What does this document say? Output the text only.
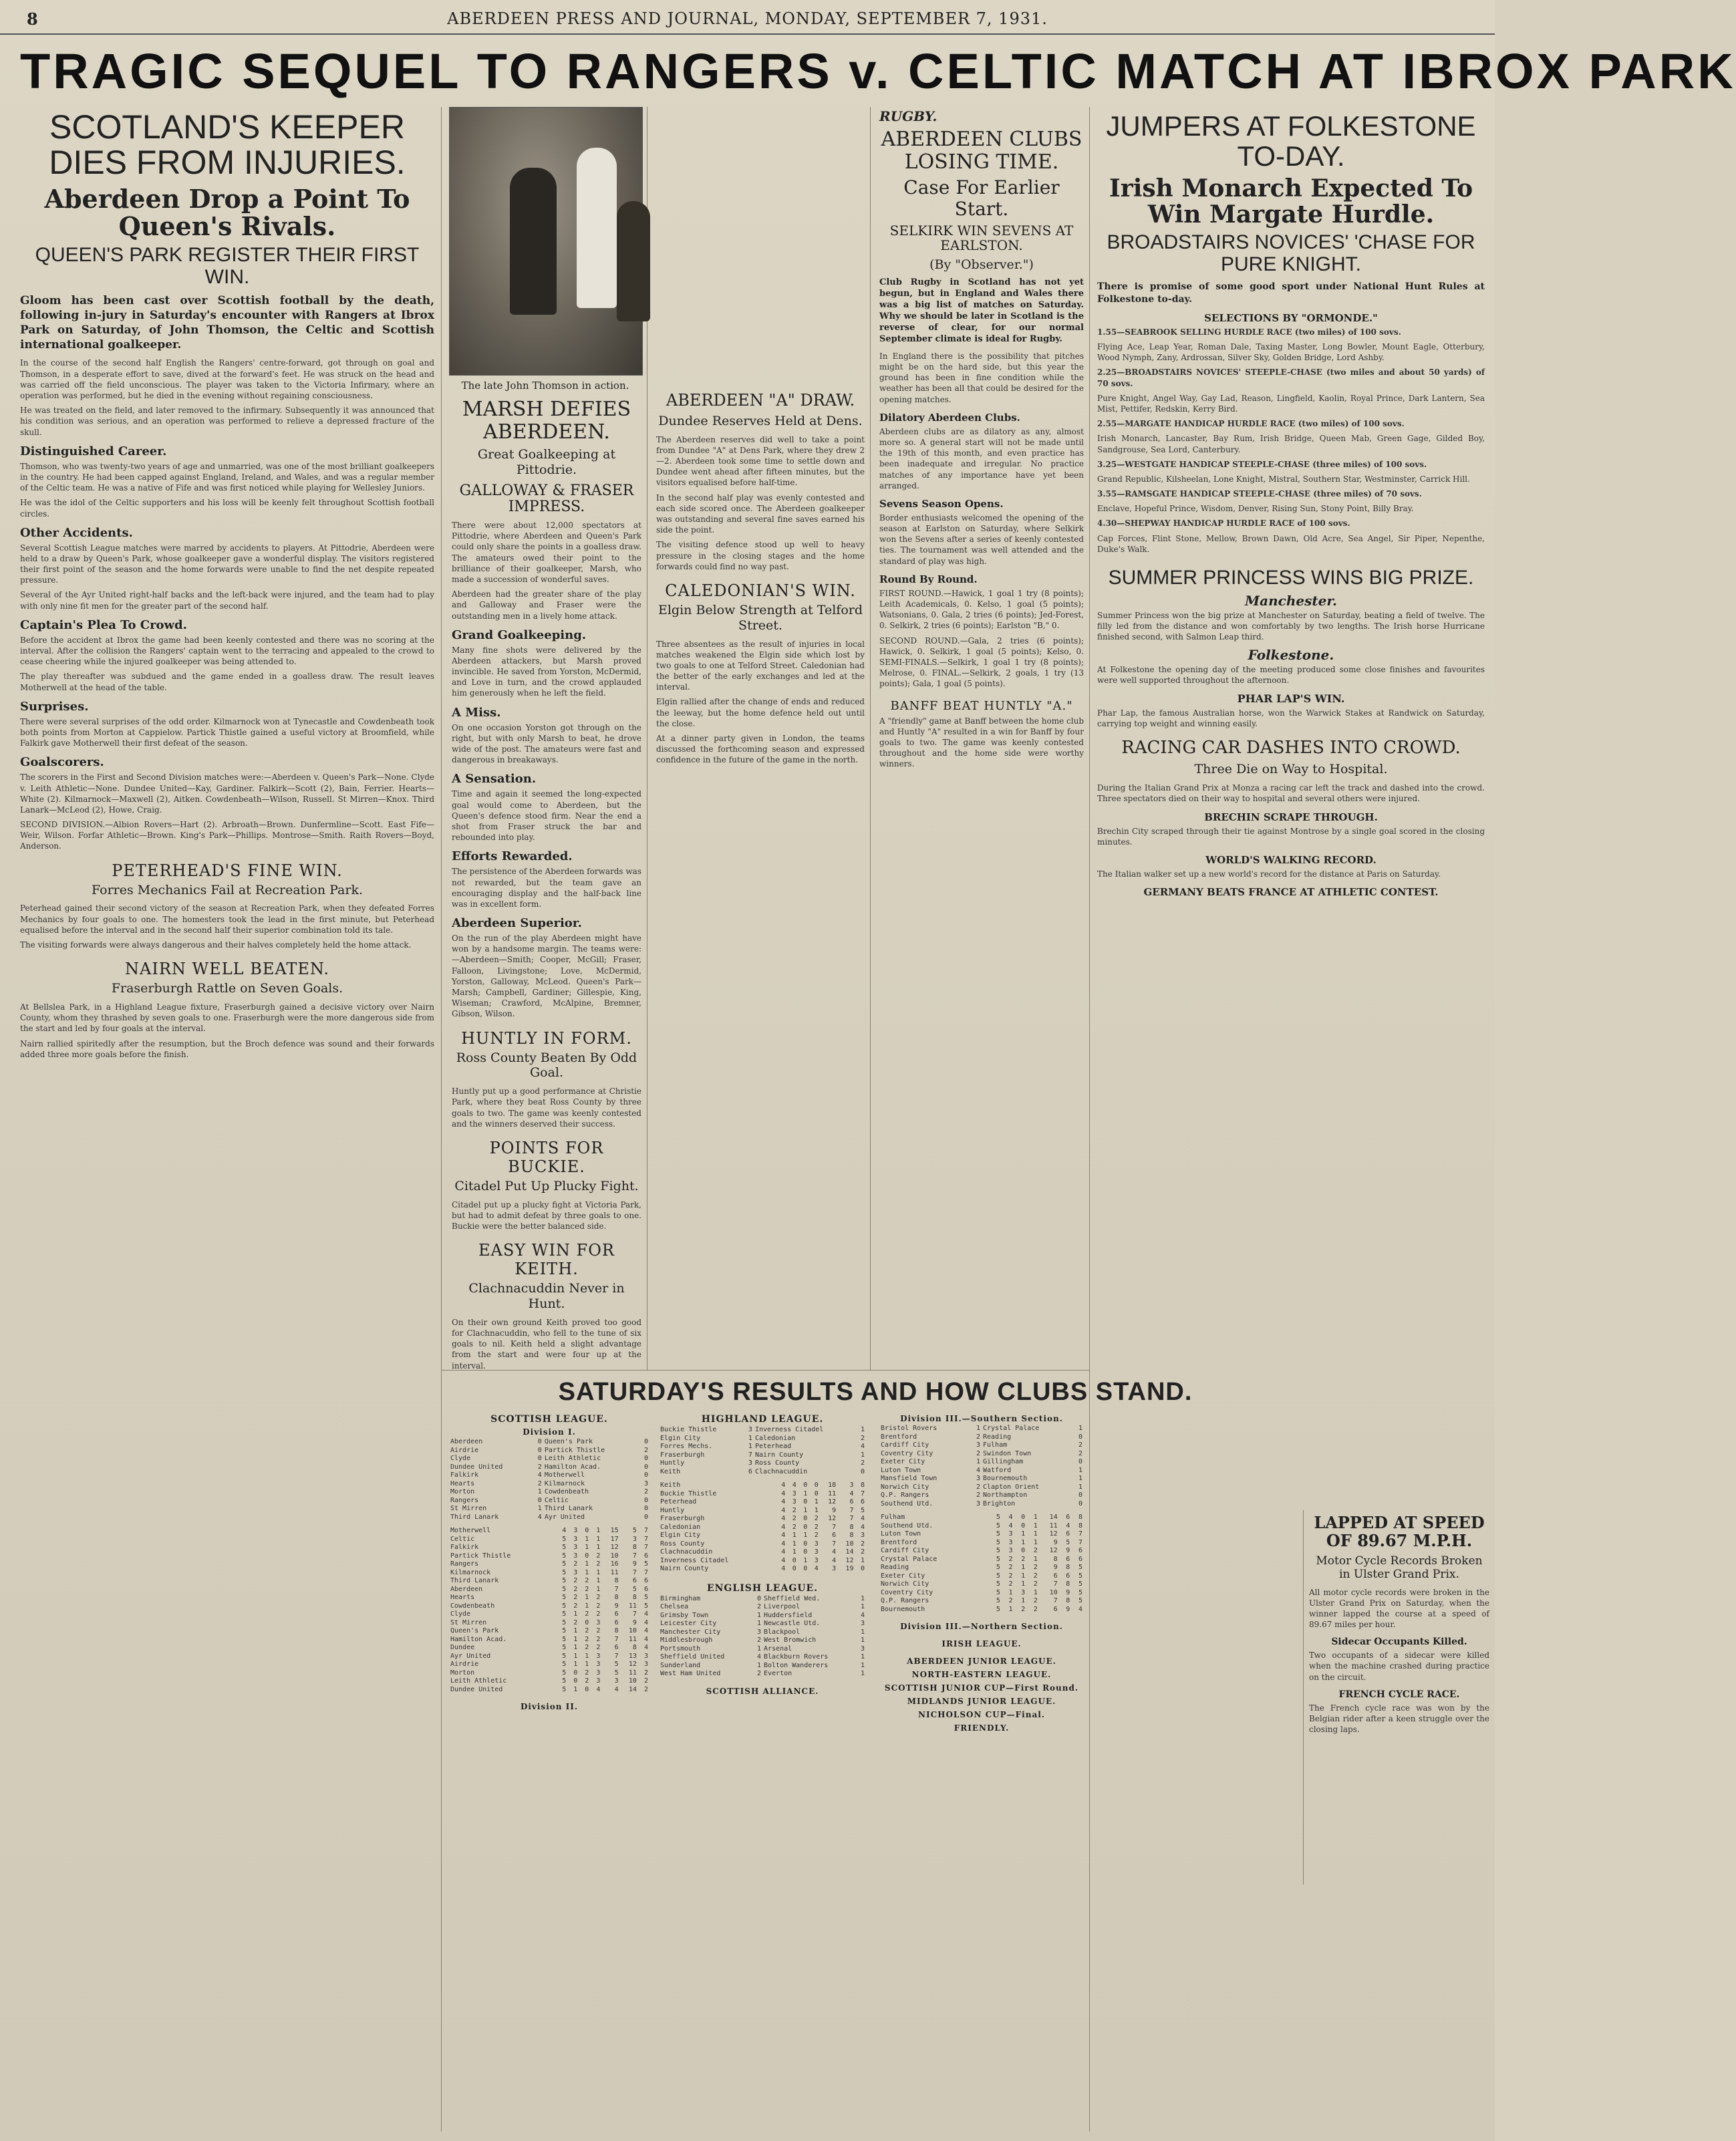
8	ABERDEEN PRESS AND JOURNAL, MONDAY, SEPTEMBER 7, 1931.
TRAGIC SEQUEL TO RANGERS v. CELTIC MATCH AT IBROX PARK
SCOTLAND'S KEEPER DIES FROM INJURIES.
Aberdeen Drop a Point To Queen's Rivals.
QUEEN'S PARK REGISTER THEIR FIRST WIN.
Gloom has been cast over Scottish football by the death, following in-jury in Saturday's encounter with Rangers at Ibrox Park on Saturday, of John Thomson, the Celtic and Scottish international goalkeeper.
In the course of the second half English the Rangers' centre-forward, got through on goal and Thomson, in a desperate effort to save, dived at the forward's feet. He was struck on the head and was carried off the field unconscious. The player was taken to the Victoria Infirmary, where an operation was performed, but he died in the evening without regaining consciousness.
He was treated on the field, and later removed to the infirmary. Subsequently it was announced that his condition was serious, and an operation was performed to relieve a depressed fracture of the skull.
Distinguished Career.
Thomson, who was twenty-two years of age and unmarried, was one of the most brilliant goalkeepers in the country. He had been capped against England, Ireland, and Wales, and was a regular member of the Celtic team. He was a native of Fife and was first noticed while playing for Wellesley Juniors.
He was the idol of the Celtic supporters and his loss will be keenly felt throughout Scottish football circles.
Other Accidents.
Several Scottish League matches were marred by accidents to players. At Pittodrie, Aberdeen were held to a draw by Queen's Park, whose goalkeeper gave a wonderful display. The visitors registered their first point of the season and the home forwards were unable to find the net despite repeated pressure.
Several of the Ayr United right-half backs and the left-back were injured, and the team had to play with only nine fit men for the greater part of the second half.
Captain's Plea To Crowd.
Before the accident at Ibrox the game had been keenly contested and there was no scoring at the interval. After the collision the Rangers' captain went to the terracing and appealed to the crowd to cease cheering while the injured goalkeeper was being attended to.
The play thereafter was subdued and the game ended in a goalless draw. The result leaves Motherwell at the head of the table.
Surprises.
There were several surprises of the odd order. Kilmarnock won at Tynecastle and Cowdenbeath took both points from Morton at Cappielow. Partick Thistle gained a useful victory at Broomfield, while Falkirk gave Motherwell their first defeat of the season.
Goalscorers.
The scorers in the First and Second Division matches were:—Aberdeen v. Queen's Park—None. Clyde v. Leith Athletic—None. Dundee United—Kay, Gardiner. Falkirk—Scott (2), Bain, Ferrier. Hearts—White (2). Kilmarnock—Maxwell (2), Aitken. Cowdenbeath—Wilson, Russell. St Mirren—Knox. Third Lanark—McLeod (2), Howe, Craig.
SECOND DIVISION.—Albion Rovers—Hart (2). Arbroath—Brown. Dunfermline—Scott. East Fife—Weir, Wilson. Forfar Athletic—Brown. King's Park—Phillips. Montrose—Smith. Raith Rovers—Boyd, Anderson.
PETERHEAD'S FINE WIN.
Forres Mechanics Fail at Recreation Park.
Peterhead gained their second victory of the season at Recreation Park, when they defeated Forres Mechanics by four goals to one. The homesters took the lead in the first minute, but Peterhead equalised before the interval and in the second half their superior combination told its tale.
The visiting forwards were always dangerous and their halves completely held the home attack.
NAIRN WELL BEATEN.
Fraserburgh Rattle on Seven Goals.
At Bellslea Park, in a Highland League fixture, Fraserburgh gained a decisive victory over Nairn County, whom they thrashed by seven goals to one. Fraserburgh were the more dangerous side from the start and led by four goals at the interval.
Nairn rallied spiritedly after the resumption, but the Broch defence was sound and their forwards added three more goals before the finish.
The late John Thomson in action.
MARSH DEFIES ABERDEEN.
Great Goalkeeping at Pittodrie.
GALLOWAY & FRASER IMPRESS.
There were about 12,000 spectators at Pittodrie, where Aberdeen and Queen's Park could only share the points in a goalless draw. The amateurs owed their point to the brilliance of their goalkeeper, Marsh, who made a succession of wonderful saves.
Aberdeen had the greater share of the play and Galloway and Fraser were the outstanding men in a lively home attack.
Grand Goalkeeping.
Many fine shots were delivered by the Aberdeen attackers, but Marsh proved invincible. He saved from Yorston, McDermid, and Love in turn, and the crowd applauded him generously when he left the field.
A Miss.
On one occasion Yorston got through on the right, but with only Marsh to beat, he drove wide of the post. The amateurs were fast and dangerous in breakaways.
A Sensation.
Time and again it seemed the long-expected goal would come to Aberdeen, but the Queen's defence stood firm. Near the end a shot from Fraser struck the bar and rebounded into play.
Efforts Rewarded.
The persistence of the Aberdeen forwards was not rewarded, but the team gave an encouraging display and the half-back line was in excellent form.
Aberdeen Superior.
On the run of the play Aberdeen might have won by a handsome margin. The teams were:—Aberdeen—Smith; Cooper, McGill; Fraser, Falloon, Livingstone; Love, McDermid, Yorston, Galloway, McLeod. Queen's Park—Marsh; Campbell, Gardiner; Gillespie, King, Wiseman; Crawford, McAlpine, Bremner, Gibson, Wilson.
HUNTLY IN FORM.
Ross County Beaten By Odd Goal.
Huntly put up a good performance at Christie Park, where they beat Ross County by three goals to two. The game was keenly contested and the winners deserved their success.
POINTS FOR BUCKIE.
Citadel Put Up Plucky Fight.
Citadel put up a plucky fight at Victoria Park, but had to admit defeat by three goals to one. Buckie were the better balanced side.
EASY WIN FOR KEITH.
Clachnacuddin Never in Hunt.
On their own ground Keith proved too good for Clachnacuddin, who fell to the tune of six goals to nil. Keith held a slight advantage from the start and were four up at the interval.
ABERDEEN "A" DRAW.
Dundee Reserves Held at Dens.
The Aberdeen reserves did well to take a point from Dundee "A" at Dens Park, where they drew 2—2. Aberdeen took some time to settle down and Dundee went ahead after fifteen minutes, but the visitors equalised before half-time.
In the second half play was evenly contested and each side scored once. The Aberdeen goalkeeper was outstanding and several fine saves earned his side the point.
The visiting defence stood up well to heavy pressure in the closing stages and the home forwards could find no way past.
CALEDONIAN'S WIN.
Elgin Below Strength at Telford Street.
Three absentees as the result of injuries in local matches weakened the Elgin side which lost by two goals to one at Telford Street. Caledonian had the better of the early exchanges and led at the interval.
Elgin rallied after the change of ends and reduced the leeway, but the home defence held out until the close.
At a dinner party given in London, the teams discussed the forthcoming season and expressed confidence in the future of the game in the north.
RUGBY.
ABERDEEN CLUBS LOSING TIME.
Case For Earlier Start.
SELKIRK WIN SEVENS AT EARLSTON.
(By "Observer.")
Club Rugby in Scotland has not yet begun, but in England and Wales there was a big list of matches on Saturday. Why we should be later in Scotland is the reverse of clear, for our normal September climate is ideal for Rugby.
In England there is the possibility that pitches might be on the hard side, but this year the ground has been in fine condition while the weather has been all that could be desired for the opening matches.
Dilatory Aberdeen Clubs.
Aberdeen clubs are as dilatory as any, almost more so. A general start will not be made until the 19th of this month, and even practice has been inadequate and irregular. No practice matches of any importance have yet been arranged.
Sevens Season Opens.
Border enthusiasts welcomed the opening of the season at Earlston on Saturday, where Selkirk won the Sevens after a series of keenly contested ties. The tournament was well attended and the standard of play was high.
Round By Round.
FIRST ROUND.—Hawick, 1 goal 1 try (8 points); Leith Academicals, 0. Kelso, 1 goal (5 points); Watsonians, 0. Gala, 2 tries (6 points); Jed-Forest, 0. Selkirk, 2 tries (6 points); Earlston "B," 0.
SECOND ROUND.—Gala, 2 tries (6 points); Hawick, 0. Selkirk, 1 goal (5 points); Kelso, 0. SEMI-FINALS.—Selkirk, 1 goal 1 try (8 points); Melrose, 0. FINAL.—Selkirk, 2 goals, 1 try (13 points); Gala, 1 goal (5 points).
BANFF BEAT HUNTLY "A."
A "friendly" game at Banff between the home club and Huntly "A" resulted in a win for Banff by four goals to two. The game was keenly contested throughout and the home side were worthy winners.
JUMPERS AT FOLKESTONE TO-DAY.
Irish Monarch Expected To Win Margate Hurdle.
BROADSTAIRS NOVICES' 'CHASE FOR PURE KNIGHT.
There is promise of some good sport under National Hunt Rules at Folkestone to-day.
SELECTIONS BY "ORMONDE."
1.55—SEABROOK SELLING HURDLE RACE (two miles) of 100 sovs.
Flying Ace, Leap Year, Roman Dale, Taxing Master, Long Bowler, Mount Eagle, Otterbury, Wood Nymph, Zany, Ardrossan, Silver Sky, Golden Bridge, Lord Ashby.
2.25—BROADSTAIRS NOVICES' STEEPLE-CHASE (two miles and about 50 yards) of 70 sovs.
Pure Knight, Angel Way, Gay Lad, Reason, Lingfield, Kaolin, Royal Prince, Dark Lantern, Sea Mist, Pettifer, Redskin, Kerry Bird.
2.55—MARGATE HANDICAP HURDLE RACE (two miles) of 100 sovs.
Irish Monarch, Lancaster, Bay Rum, Irish Bridge, Queen Mab, Green Gage, Gilded Boy, Sandgrouse, Sea Lord, Canterbury.
3.25—WESTGATE HANDICAP STEEPLE-CHASE (three miles) of 100 sovs.
Grand Republic, Kilsheelan, Lone Knight, Mistral, Southern Star, Westminster, Carrick Hill.
3.55—RAMSGATE HANDICAP STEEPLE-CHASE (three miles) of 70 sovs.
Enclave, Hopeful Prince, Wisdom, Denver, Rising Sun, Stony Point, Billy Bray.
4.30—SHEPWAY HANDICAP HURDLE RACE of 100 sovs.
Cap Forces, Flint Stone, Mellow, Brown Dawn, Old Acre, Sea Angel, Sir Piper, Nepenthe, Duke's Walk.
SUMMER PRINCESS WINS BIG PRIZE.
Manchester.
Summer Princess won the big prize at Manchester on Saturday, beating a field of twelve. The filly led from the distance and won comfortably by two lengths. The Irish horse Hurricane finished second, with Salmon Leap third.
Folkestone.
At Folkestone the opening day of the meeting produced some close finishes and favourites were well supported throughout the afternoon.
PHAR LAP'S WIN.
Phar Lap, the famous Australian horse, won the Warwick Stakes at Randwick on Saturday, carrying top weight and winning easily.
RACING CAR DASHES INTO CROWD.
Three Die on Way to Hospital.
During the Italian Grand Prix at Monza a racing car left the track and dashed into the crowd. Three spectators died on their way to hospital and several others were injured.
BRECHIN SCRAPE THROUGH.
Brechin City scraped through their tie against Montrose by a single goal scored in the closing minutes.
WORLD'S WALKING RECORD.
The Italian walker set up a new world's record for the distance at Paris on Saturday.
GERMANY BEATS FRANCE AT ATHLETIC CONTEST.
SATURDAY'S RESULTS AND HOW CLUBS STAND.
SCOTTISH LEAGUE.
Division I.
Aberdeen	0	Queen's Park	0
Airdrie	0	Partick Thistle	2
Clyde	0	Leith Athletic	0
Dundee United	2	Hamilton Acad.	0
Falkirk	4	Motherwell	0
Hearts	2	Kilmarnock	3
Morton	1	Cowdenbeath	2
Rangers	0	Celtic	0
St Mirren	1	Third Lanark	0
Third Lanark	4	Ayr United	0
Motherwell	4	3	0	1	15	5	7
Celtic	5	3	1	1	17	3	7
Falkirk	5	3	1	1	12	8	7
Partick Thistle	5	3	0	2	10	7	6
Rangers	5	2	1	2	16	9	5
Kilmarnock	5	3	1	1	11	7	7
Third Lanark	5	2	2	1	8	6	6
Aberdeen	5	2	2	1	7	5	6
Hearts	5	2	1	2	8	8	5
Cowdenbeath	5	2	1	2	9	11	5
Clyde	5	1	2	2	6	7	4
St Mirren	5	2	0	3	6	9	4
Queen's Park	5	1	2	2	8	10	4
Hamilton Acad.	5	1	2	2	7	11	4
Dundee	5	1	2	2	6	8	4
Ayr United	5	1	1	3	7	13	3
Airdrie	5	1	1	3	5	12	3
Morton	5	0	2	3	5	11	2
Leith Athletic	5	0	2	3	3	10	2
Dundee United	5	1	0	4	4	14	2
Division II.
HIGHLAND LEAGUE.
Buckie Thistle	3	Inverness Citadel	1
Elgin City	1	Caledonian	2
Forres Mechs.	1	Peterhead	4
Fraserburgh	7	Nairn County	1
Huntly	3	Ross County	2
Keith	6	Clachnacuddin	0
Keith	4	4	0	0	18	3	8
Buckie Thistle	4	3	1	0	11	4	7
Peterhead	4	3	0	1	12	6	6
Huntly	4	2	1	1	9	7	5
Fraserburgh	4	2	0	2	12	7	4
Caledonian	4	2	0	2	7	8	4
Elgin City	4	1	1	2	6	8	3
Ross County	4	1	0	3	7	10	2
Clachnacuddin	4	1	0	3	4	14	2
Inverness Citadel	4	0	1	3	4	12	1
Nairn County	4	0	0	4	3	19	0
ENGLISH LEAGUE.
Birmingham	0	Sheffield Wed.	1
Chelsea	2	Liverpool	1
Grimsby Town	1	Huddersfield	4
Leicester City	1	Newcastle Utd.	3
Manchester City	3	Blackpool	1
Middlesbrough	2	West Bromwich	1
Portsmouth	1	Arsenal	3
Sheffield United	4	Blackburn Rovers	1
Sunderland	1	Bolton Wanderers	1
West Ham United	2	Everton	1
SCOTTISH ALLIANCE.
Division III.—Southern Section.
Bristol Rovers	1	Crystal Palace	1
Brentford	2	Reading	0
Cardiff City	3	Fulham	2
Coventry City	2	Swindon Town	2
Exeter City	1	Gillingham	0
Luton Town	4	Watford	1
Mansfield Town	3	Bournemouth	1
Norwich City	2	Clapton Orient	1
Q.P. Rangers	2	Northampton	0
Southend Utd.	3	Brighton	0
Fulham	5	4	0	1	14	6	8
Southend Utd.	5	4	0	1	11	4	8
Luton Town	5	3	1	1	12	6	7
Brentford	5	3	1	1	9	5	7
Cardiff City	5	3	0	2	12	9	6
Crystal Palace	5	2	2	1	8	6	6
Reading	5	2	1	2	9	8	5
Exeter City	5	2	1	2	6	6	5
Norwich City	5	2	1	2	7	8	5
Coventry City	5	1	3	1	10	9	5
Q.P. Rangers	5	2	1	2	7	8	5
Bournemouth	5	1	2	2	6	9	4
Division III.—Northern Section.
IRISH LEAGUE.
ABERDEEN JUNIOR LEAGUE.
NORTH-EASTERN LEAGUE.
SCOTTISH JUNIOR CUP—First Round.
MIDLANDS JUNIOR LEAGUE.
NICHOLSON CUP—Final.
FRIENDLY.
LAPPED AT SPEED OF 89.67 M.P.H.
Motor Cycle Records Broken in Ulster Grand Prix.
All motor cycle records were broken in the Ulster Grand Prix on Saturday, when the winner lapped the course at a speed of 89.67 miles per hour.
Sidecar Occupants Killed.
Two occupants of a sidecar were killed when the machine crashed during practice on the circuit.
FRENCH CYCLE RACE.
The French cycle race was won by the Belgian rider after a keen struggle over the closing laps.
